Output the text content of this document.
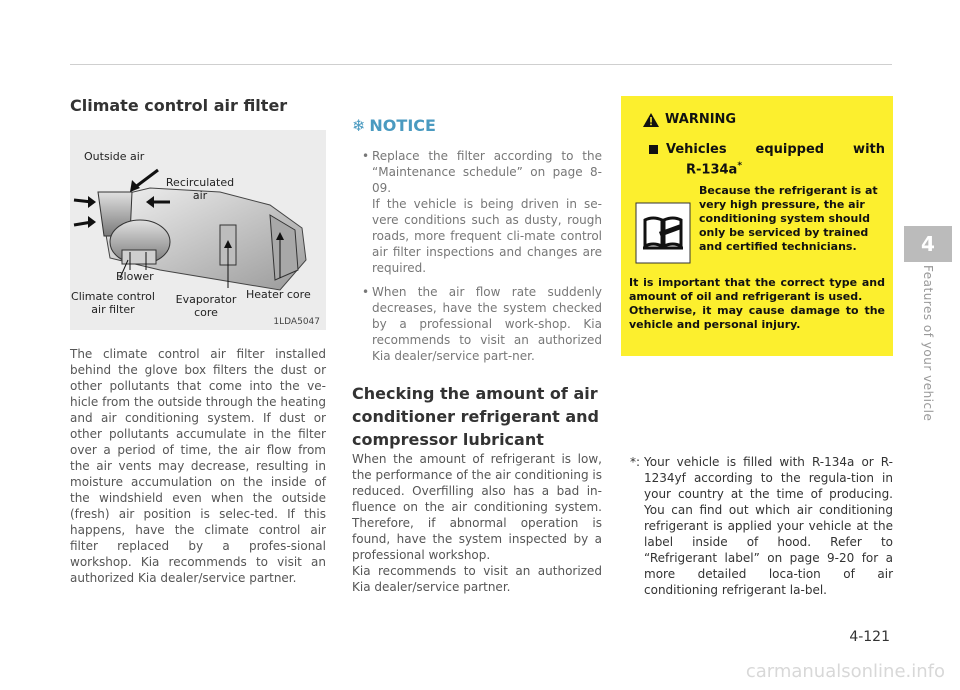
Climate control air filter
Outside air
Recirculated air
Blower
Climate control air filter
Evaporator core
Heater core
1LDA5047

The climate control air filter installed behind the glove box filters the dust or other pollutants that come into the ve-hicle from the outside through the heating and air conditioning system. If dust or other pollutants accumulate in the filter over a period of time, the air flow from the air vents may decrease, resulting in moisture accumulation on the inside of the windshield even when the outside (fresh) air position is selec-ted. If this happens, have the climate control air filter replaced by a profes-sional workshop. Kia recommends to visit an authorized Kia dealer/service partner.

❄ NOTICE
• Replace the filter according to the “Maintenance schedule” on page 8-09.
If the vehicle is being driven in se-vere conditions such as dusty, rough roads, more frequent cli-mate control air filter inspections and changes are required.
• When the air flow rate suddenly decreases, have the system checked by a professional work-shop. Kia recommends to visit an authorized Kia dealer/service part-ner.
Checking the amount of air conditioner refrigerant and compressor lubricant

When the amount of refrigerant is low, the performance of the air conditioning is reduced. Overfilling also has a bad in-fluence on the air conditioning system. Therefore, if abnormal operation is found, have the system inspected by a professional workshop.

Kia recommends to visit an authorized Kia dealer/service partner.

WARNING
Vehicles equipped with
R-134a*
Because the refrigerant is at very high pressure, the air conditioning system should only be serviced by trained and certified technicians.

It is important that the correct type and amount of oil and refrigerant is used.

Otherwise, it may cause damage to the vehicle and personal injury.

*: Your vehicle is filled with R-134a or R-1234yf according to the regula-tion in your country at the time of producing. You can find out which air conditioning refrigerant is applied your vehicle at the label inside of hood. Refer to “Refrigerant label” on page 9-20 for a more detailed loca-tion of air conditioning refrigerant la-bel.
4
Features of your vehicle
4-121
carmanualsonline.info
